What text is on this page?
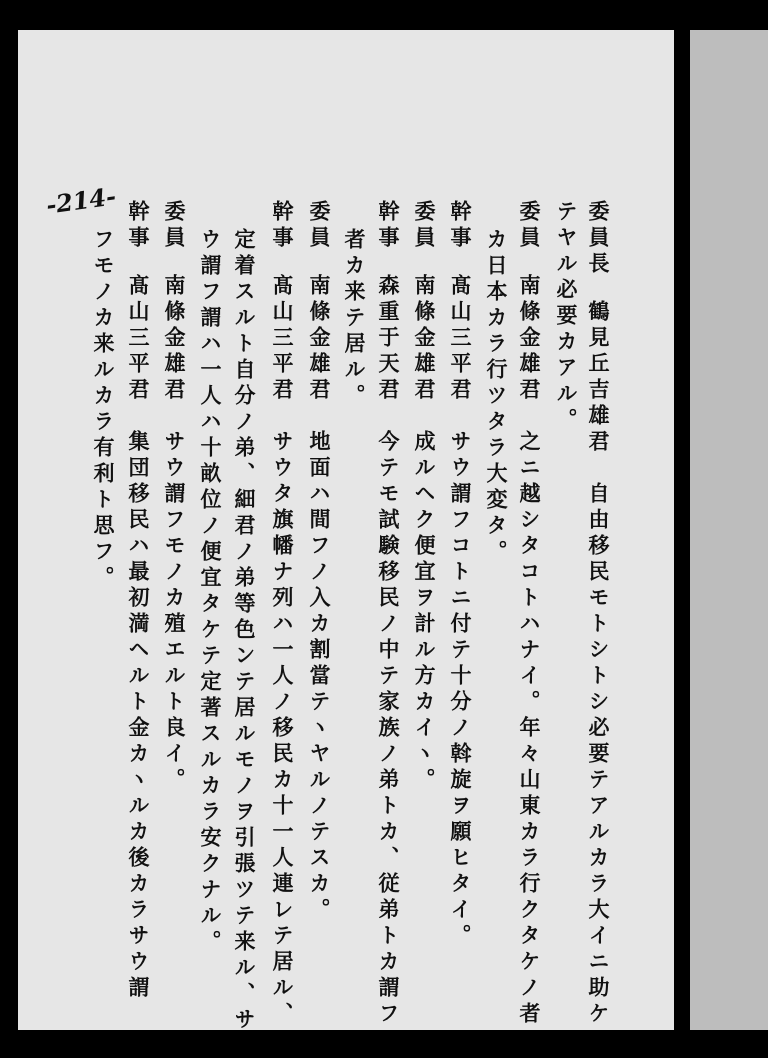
-214-	委員長鶴見丘吉雄君　自由移民モトシトシ必要テアルカラ大イニ助ケ
テヤル必要カアル。
委員南條金雄君　之ニ越シタコトハナイ。年々山東カラ行クタケノ者
カ日本カラ行ツタラ大変タ。
幹事髙山三平君　サウ謂フコトニ付テ十分ノ斡旋ヲ願ヒタイ。
委員南條金雄君　成ルヘク便宜ヲ計ル方カイヽ。
幹事森重于天君　今テモ試験移民ノ中テ家族ノ弟トカ、従弟トカ謂フ
者カ来テ居ル。
委員南條金雄君　地面ハ間フノ入カ割當テヽヤルノテスカ。
幹事髙山三平君　サウタ旗幡ナ列ハ一人ノ移民カ十一人連レテ居ル、
定着スルト自分ノ弟、細君ノ弟等色ンテ居ルモノヲ引張ツテ来ル、サ
ウ謂フ謂ハ一人ハ十畝位ノ便宜タケテ定著スルカラ安クナル。
委員南條金雄君　サウ謂フモノカ殖エルト良イ。
幹事髙山三平君　集団移民ハ最初満ヘルト金カヽルカ後カラサウ謂
フモノカ来ルカラ有利ト思フ。
